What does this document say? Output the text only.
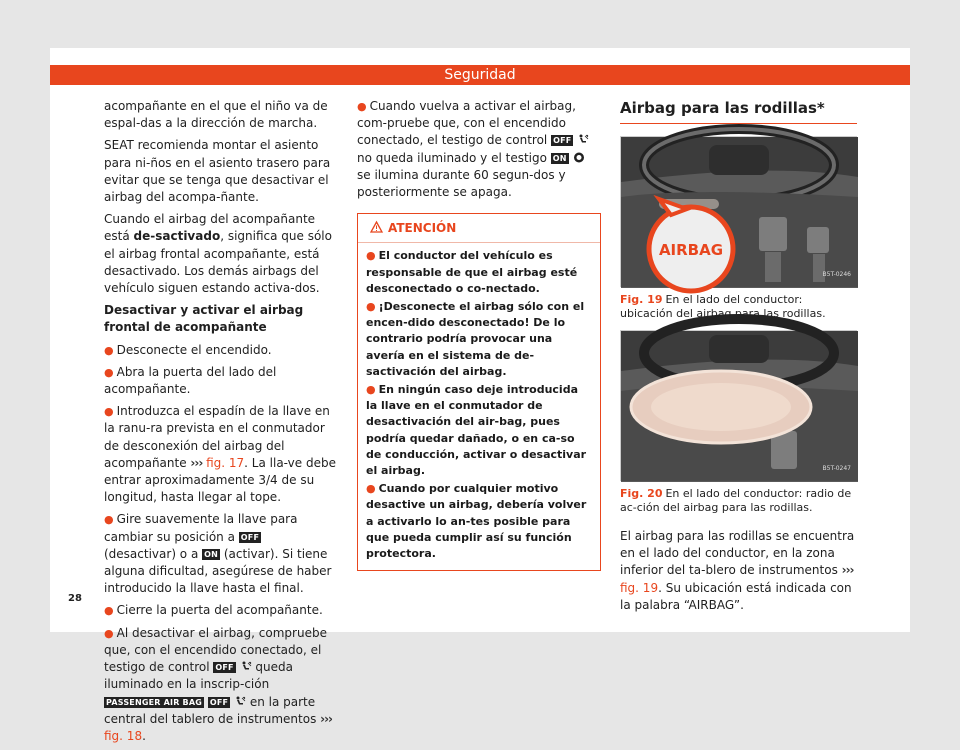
Seguridad

acompañante en el que el niño va de espal-das a la dirección de marcha.

SEAT recomienda montar el asiento para ni-ños en el asiento trasero para evitar que se tenga que desactivar el airbag del acompa-ñante.

Cuando el airbag del acompañante está de-sactivado, significa que sólo el airbag frontal acompañante, está desactivado. Los demás airbags del vehículo siguen estando activa-dos.

Desactivar y activar el airbag frontal de acompañante

● Desconecte el encendido.

● Abra la puerta del lado del acompañante.

● Introduzca el espadín de la llave en la ranu-ra prevista en el conmutador de desconexión del airbag del acompañante ››› fig. 17. La lla-ve debe entrar aproximadamente 3/4 de su longitud, hasta llegar al tope.

● Gire suavemente la llave para cambiar su posición a OFF (desactivar) o a ON (activar). Si tiene alguna dificultad, asegúrese de haber introducido la llave hasta el final.

● Cierre la puerta del acompañante.

● Al desactivar el airbag, compruebe que, con el encendido conectado, el testigo de control OFF  queda iluminado en la inscrip-ción PASSENGER AIR BAG OFF  en la parte central del tablero de instrumentos ››› fig. 18.

● Cuando vuelva a activar el airbag, com-pruebe que, con el encendido conectado, el testigo de control OFF  no queda iluminado y el testigo ON  se ilumina durante 60 segun-dos y posteriormente se apaga.

ATENCIÓN

● El conductor del vehículo es responsable de que el airbag esté desconectado o co-nectado.

● ¡Desconecte el airbag sólo con el encen-dido desconectado! De lo contrario podría provocar una avería en el sistema de de-sactivación del airbag.

● En ningún caso deje introducida la llave en el conmutador de desactivación del air-bag, pues podría quedar dañado, o en ca-so de conducción, activar o desactivar el airbag.

● Cuando por cualquier motivo desactive un airbag, debería volver a activarlo lo an-tes posible para que pueda cumplir así su función protectora.

Airbag para las rodillas*
AIRBAG
B5T-0246
Fig. 19 En el lado del conductor: ubicación del airbag para las rodillas.
B5T-0247
Fig. 20 En el lado del conductor: radio de ac-ción del airbag para las rodillas.

El airbag para las rodillas se encuentra en el lado del conductor, en la zona inferior del ta-blero de instrumentos ››› fig. 19. Su ubicación está indicada con la palabra “AIRBAG”.

28
